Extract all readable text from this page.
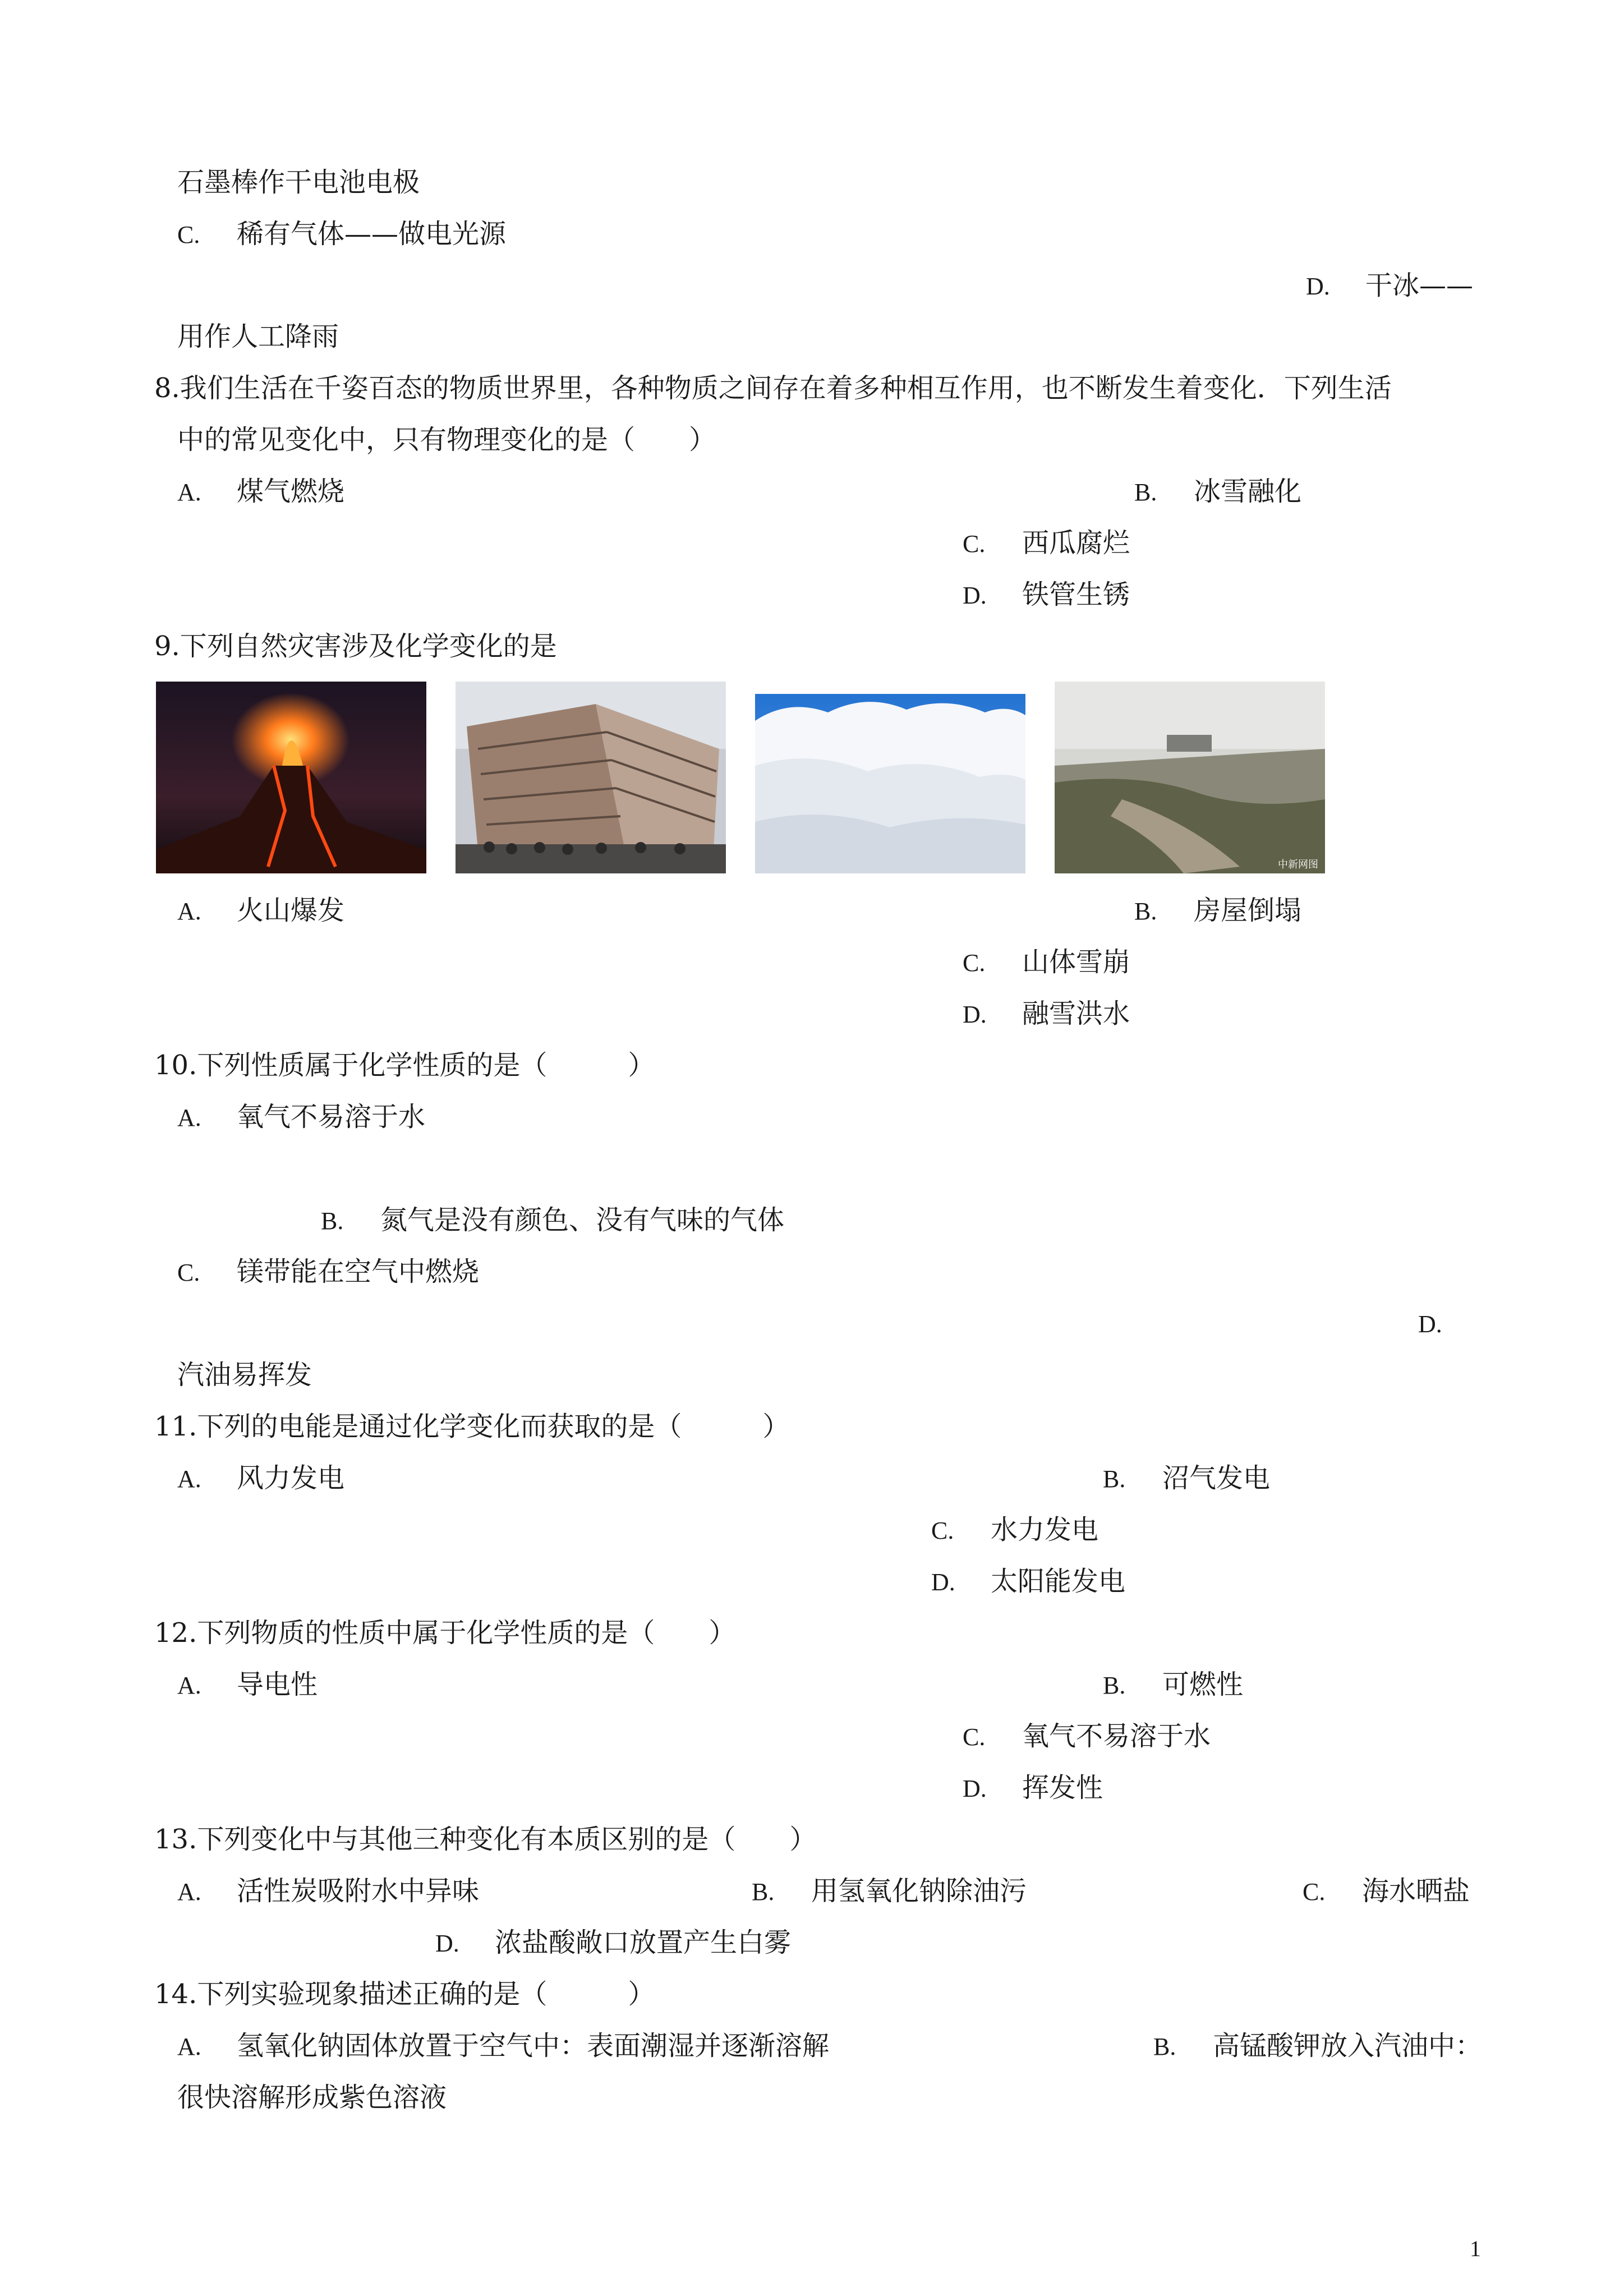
石墨棒作干电池电极
C. 稀有气体——做电光源
D. 干冰——
用作人工降雨
8.我们生活在千姿百态的物质世界里，各种物质之间存在着多种相互作用，也不断发生着变化．下列生活
中的常见变化中，只有物理变化的是（　　）
A. 煤气燃烧	B. 冰雪融化
C. 西瓜腐烂
D. 铁管生锈
9.下列自然灾害涉及化学变化的是
中新网图
A. 火山爆发	B. 房屋倒塌
C. 山体雪崩
D. 融雪洪水
10.下列性质属于化学性质的是（　　　）
A. 氧气不易溶于水
B. 氮气是没有颜色、没有气味的气体
C. 镁带能在空气中燃烧
D.
汽油易挥发
11.下列的电能是通过化学变化而获取的是（　　　）
A. 风力发电	B. 沼气发电
C. 水力发电
D. 太阳能发电
12.下列物质的性质中属于化学性质的是（　　）
A. 导电性	B. 可燃性
C. 氧气不易溶于水
D. 挥发性
13.下列变化中与其他三种变化有本质区别的是（　　）
A. 活性炭吸附水中异味	B. 用氢氧化钠除油污	C. 海水晒盐
D. 浓盐酸敞口放置产生白雾
14.下列实验现象描述正确的是（　　　）
A. 氢氧化钠固体放置于空气中：表面潮湿并逐渐溶解	B. 高锰酸钾放入汽油中：
很快溶解形成紫色溶液
1
